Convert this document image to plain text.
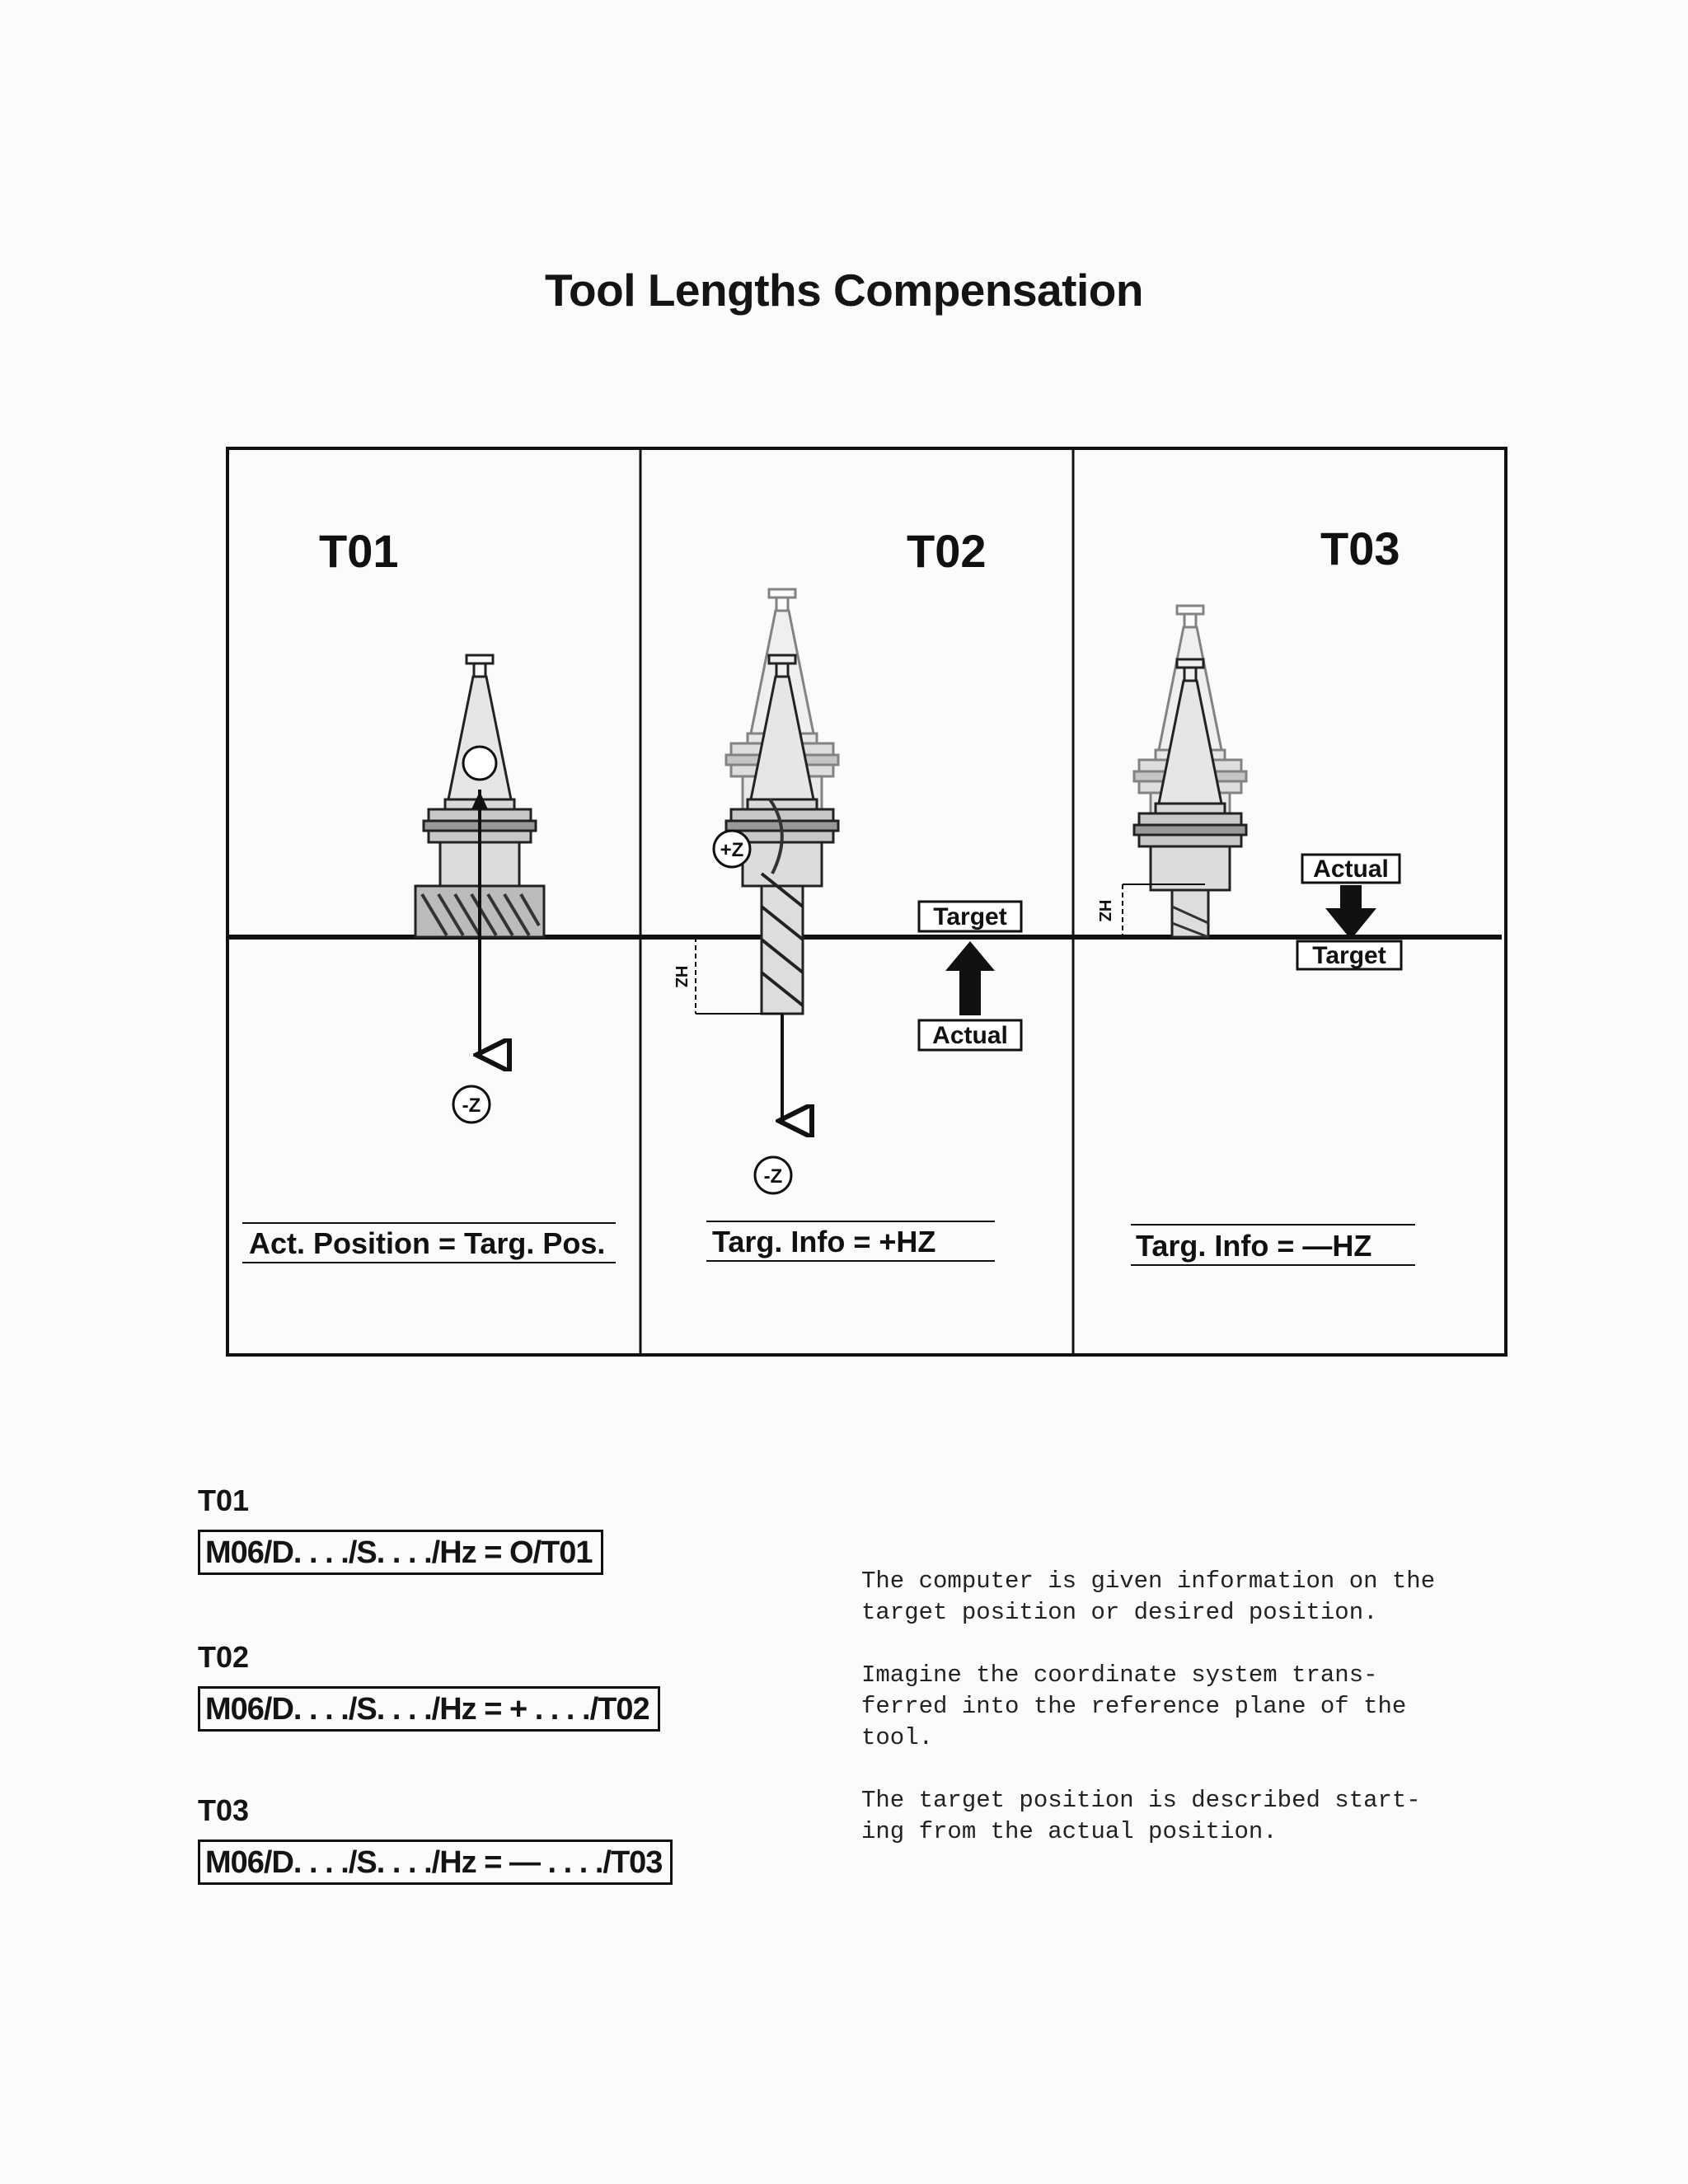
Tool Lengths Compensation
T01
-Z
Act. Position = Targ. Pos.
T02
+Z
-Z
HZ
Target
Actual
Targ. Info = +HZ
T03
HZ
Actual
Target
Targ. Info = —HZ
T01
M06/D. . . ./S. . . ./Hz = O/T01
T02
M06/D. . . ./S. . . ./Hz = + . . . ./T02
T03
M06/D. . . ./S. . . ./Hz = — . . . ./T03

The computer is given information on the
target position or desired position.

Imagine the coordinate system trans-
ferred into the reference plane of the
tool.

The target position is described start-
ing from the actual position.
